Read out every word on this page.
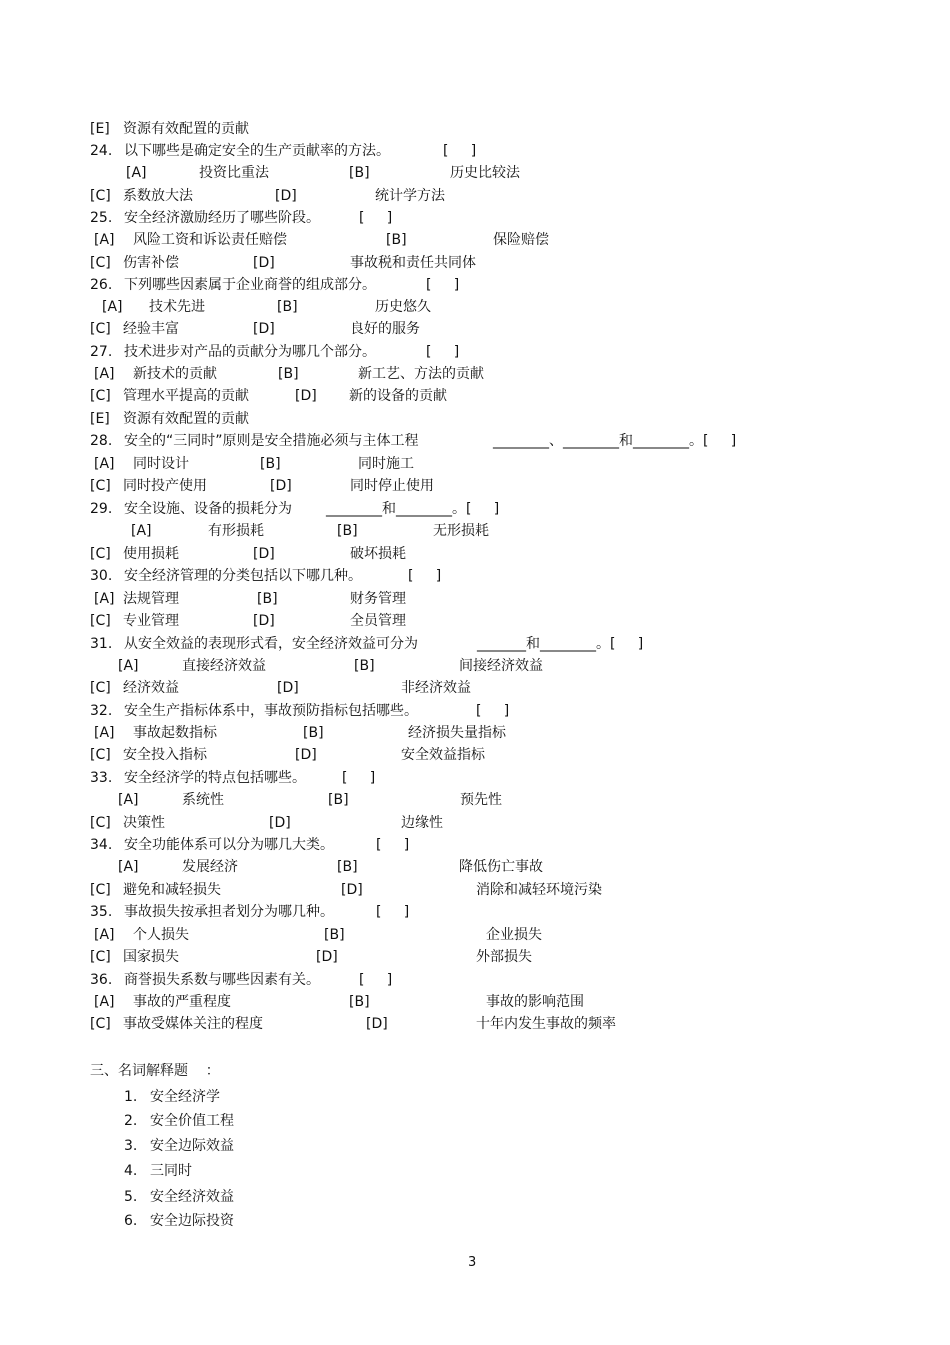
[E] 资源有效配置的贡献
24. 以下哪些是确定安全的生产贡献率的方法。	[     ]
[A]	投资比重法	[B]	历史比较法
[C] 系数放大法	[D]	统计学方法
25. 安全经济激励经历了哪些阶段。	[     ]
[A] 风险工资和诉讼责任赔偿	[B]	保险赔偿
[C] 伤害补偿	[D]	事故税和责任共同体
26. 下列哪些因素属于企业商誉的组成部分。	[     ]
[A] 技术先进	[B]	历史悠久
[C] 经验丰富	[D]	良好的服务
27. 技术进步对产品的贡献分为哪几个部分。	[     ]
[A] 新技术的贡献	[B]	新工艺、方法的贡献
[C] 管理水平提高的贡献	[D] 新的设备的贡献
[E] 资源有效配置的贡献
28. 安全的“三同时”原则是安全措施必须与主体工程	________、________和________。[     ]
[A] 同时设计	[B]	同时施工
[C] 同时投产使用	[D]	同时停止使用
29. 安全设施、设备的损耗分为 ________和________。[     ]
[A]	有形损耗	[B]	无形损耗
[C] 使用损耗	[D]	破坏损耗
30. 安全经济管理的分类包括以下哪几种。	[     ]
[A] 法规管理	[B]	财务管理
[C] 专业管理	[D]	全员管理
31. 从安全效益的表现形式看，安全经济效益可分为	_______和________。[     ]
[A]	直接经济效益	[B]	间接经济效益
[C] 经济效益	[D]	非经济效益
32. 安全生产指标体系中，事故预防指标包括哪些。	[     ]
[A] 事故起数指标	[B]	经济损失量指标
[C] 安全投入指标	[D]	安全效益指标
33. 安全经济学的特点包括哪些。	[     ]
[A]	系统性	[B]	预先性
[C] 决策性	[D]	边缘性
34. 安全功能体系可以分为哪几大类。	[     ]
[A]	发展经济	[B]	降低伤亡事故
[C] 避免和减轻损失	[D]	消除和减轻环境污染
35. 事故损失按承担者划分为哪几种。	[     ]
[A] 个人损失	[B]	企业损失
[C] 国家损失	[D]	外部损失
36. 商誉损失系数与哪些因素有关。	[     ]
[A] 事故的严重程度	[B]	事故的影响范围
[C] 事故受媒体关注的程度	[D]	十年内发生事故的频率
三、名词解释题    ：
1. 安全经济学
2. 安全价值工程
3. 安全边际效益
4. 三同时
5. 安全经济效益
6. 安全边际投资
3
